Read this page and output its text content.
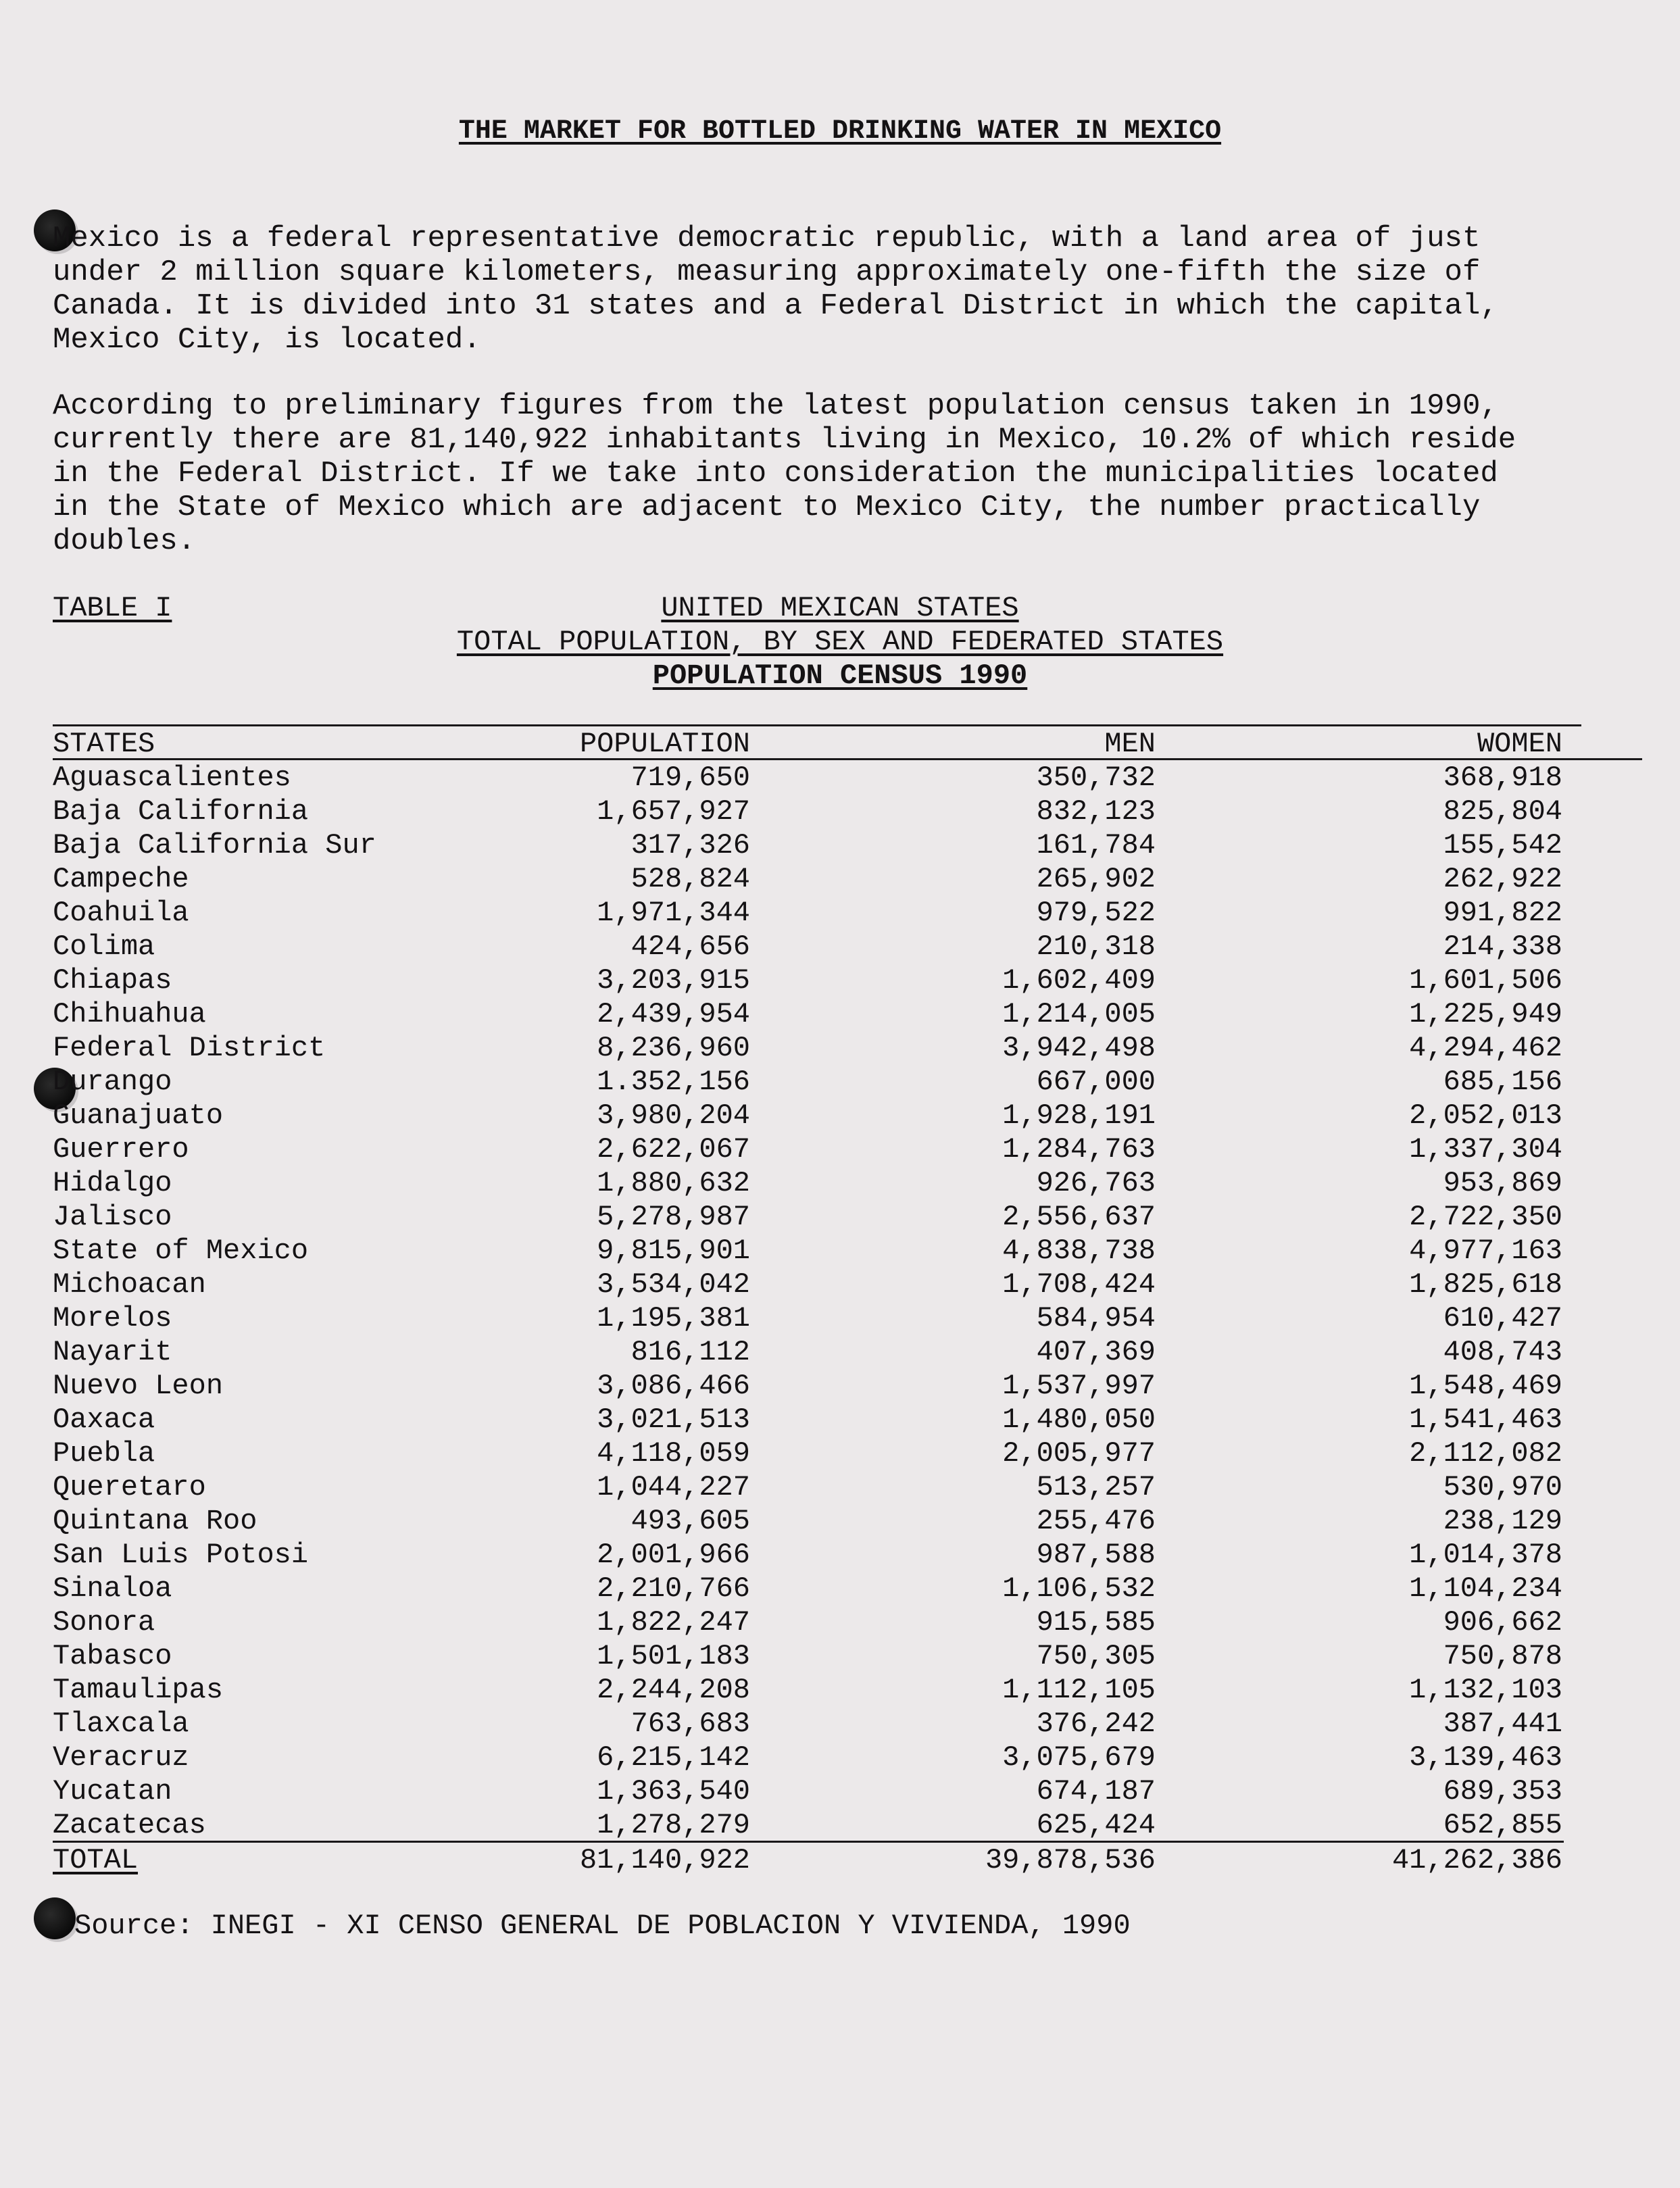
THE MARKET FOR BOTTLED DRINKING WATER IN MEXICO

Mexico is a federal representative democratic republic, with a land area of just
under 2 million square kilometers, measuring approximately one-fifth the size of
Canada. It is divided into 31 states and a Federal District in which the capital,
Mexico City, is located.

According to preliminary figures from the latest population census taken in 1990,
currently there are 81,140,922 inhabitants living in Mexico, 10.2% of which reside
in the Federal District. If we take into consideration the municipalities located
in the State of Mexico which are adjacent to Mexico City, the number practically
doubles.

TABLE I	UNITED MEXICAN STATES
TOTAL POPULATION, BY SEX AND FEDERATED STATES
POPULATION CENSUS 1990
STATES	POPULATION	MEN	WOMEN
Aguascalientes	719,650	350,732	368,918
Baja California	1,657,927	832,123	825,804
Baja California Sur	317,326	161,784	155,542
Campeche	528,824	265,902	262,922
Coahuila	1,971,344	979,522	991,822
Colima	424,656	210,318	214,338
Chiapas	3,203,915	1,602,409	1,601,506
Chihuahua	2,439,954	1,214,005	1,225,949
Federal District	8,236,960	3,942,498	4,294,462
Durango	1.352,156	667,000	685,156
Guanajuato	3,980,204	1,928,191	2,052,013
Guerrero	2,622,067	1,284,763	1,337,304
Hidalgo	1,880,632	926,763	953,869
Jalisco	5,278,987	2,556,637	2,722,350
State of Mexico	9,815,901	4,838,738	4,977,163
Michoacan	3,534,042	1,708,424	1,825,618
Morelos	1,195,381	584,954	610,427
Nayarit	816,112	407,369	408,743
Nuevo Leon	3,086,466	1,537,997	1,548,469
Oaxaca	3,021,513	1,480,050	1,541,463
Puebla	4,118,059	2,005,977	2,112,082
Queretaro	1,044,227	513,257	530,970
Quintana Roo	493,605	255,476	238,129
San Luis Potosi	2,001,966	987,588	1,014,378
Sinaloa	2,210,766	1,106,532	1,104,234
Sonora	1,822,247	915,585	906,662
Tabasco	1,501,183	750,305	750,878
Tamaulipas	2,244,208	1,112,105	1,132,103
Tlaxcala	763,683	376,242	387,441
Veracruz	6,215,142	3,075,679	3,139,463
Yucatan	1,363,540	674,187	689,353
Zacatecas	1,278,279	625,424	652,855
TOTAL	81,140,922	39,878,536	41,262,386
Source: INEGI - XI CENSO GENERAL DE POBLACION Y VIVIENDA, 1990
